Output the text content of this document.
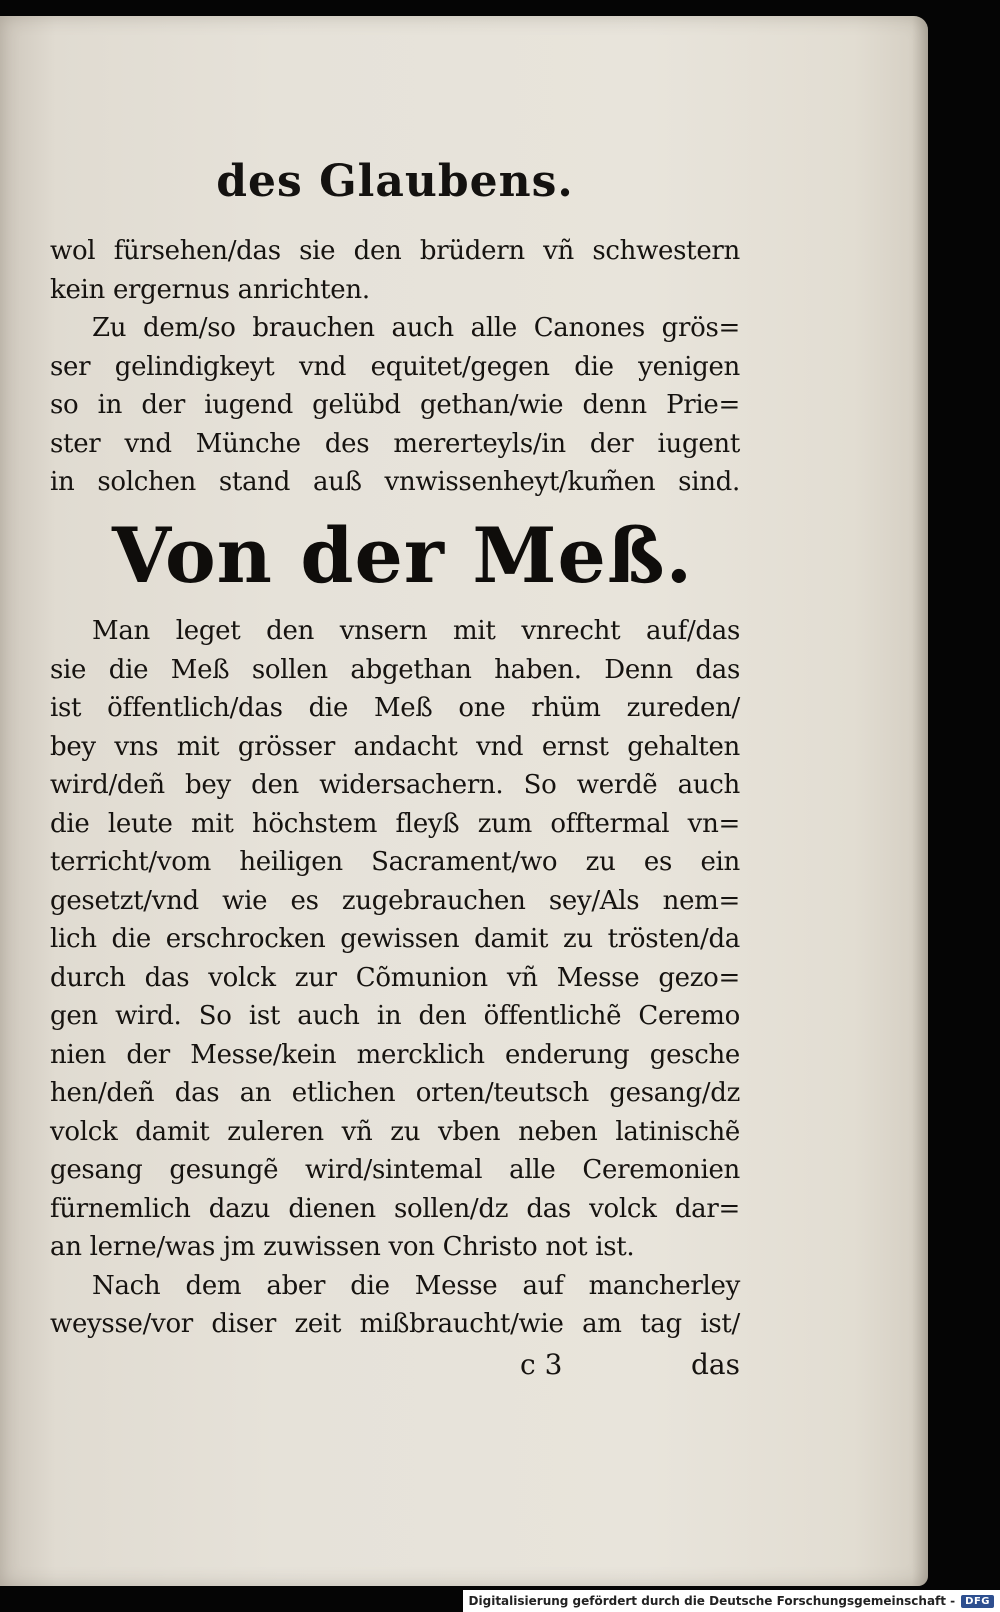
des Glaubens.
wol fürsehen/das sie den brüdern vñ schwestern
kein ergernus anrichten.
Zu dem/so brauchen auch alle Canones grös=
ser gelindigkeyt vnd equitet/gegen die yenigen
so in der iugend gelübd gethan/wie denn Prie=
ster vnd Münche des mererteyls/in der iugent
in solchen stand auß vnwissenheyt/kum̃en sind.
Von der Meß.
Man leget den vnsern mit vnrecht auf/das
sie die Meß sollen abgethan haben. Denn das
ist öffentlich/das die Meß one rhüm zureden/
bey vns mit grösser andacht vnd ernst gehalten
wird/deñ bey den widersachern. So werdẽ auch
die leute mit höchstem fleyß zum offtermal vn=
terricht/vom heiligen Sacrament/wo zu es ein
gesetzt/vnd wie es zugebrauchen sey/Als nem=
lich die erschrocken gewissen damit zu trösten/da
durch das volck zur Cõmunion vñ Messe gezo=
gen wird. So ist auch in den öffentlichẽ Ceremo
nien der Messe/kein mercklich enderung gesche
hen/deñ das an etlichen orten/teutsch gesang/dz
volck damit zuleren vñ zu vben neben latinischẽ
gesang gesungẽ wird/sintemal alle Ceremonien
fürnemlich dazu dienen sollen/dz das volck dar=
an lerne/was jm zuwissen von Christo not ist.
Nach dem aber die Messe auf mancherley
weysse/vor diser zeit mißbraucht/wie am tag ist/
c 3	das
Digitalisierung gefördert durch die Deutsche Forschungsgemeinschaft -	DFG
